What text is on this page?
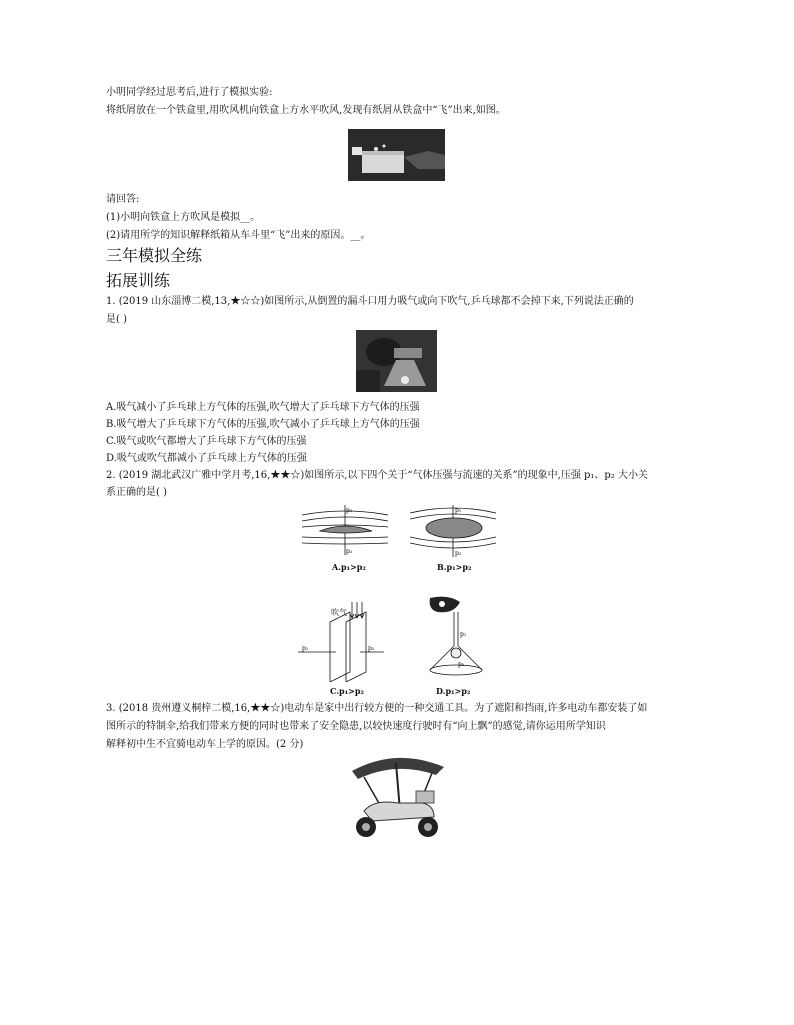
小明同学经过思考后,进行了模拟实验:
将纸屑放在一个铁盒里,用吹风机向铁盒上方水平吹风,发现有纸屑从铁盒中“飞”出来,如图。
请回答:
(1)小明向铁盒上方吹风是模拟__。
(2)请用所学的知识解释纸箱从车斗里“飞”出来的原因。__。
三年模拟全练
拓展训练
1. (2019 山东淄博二模,13,★☆☆)如图所示,从倒置的漏斗口用力吸气或向下吹气,乒乓球都不会掉下来,下列说法正确的
是( )
A.吸气减小了乒乓球上方气体的压强,吹气增大了乒乓球下方气体的压强
B.吸气增大了乒乓球下方气体的压强,吹气减小了乒乓球上方气体的压强
C.吸气或吹气都增大了乒乓球下方气体的压强
D.吸气或吹气都减小了乒乓球上方气体的压强
2. (2019 湖北武汉广雅中学月考,16,★★☆)如图所示,以下四个关于“气体压强与流速的关系”的现象中,压强 p₁、p₂ 大小关
系正确的是( )
p₁
p₂
A.p₁>p₂
p₁
p₂
B.p₁>p₂
吹气
p₁	p₂
C.p₁>p₂
p₁
p₂
D.p₁>p₂
3. (2018 贵州遵义桐梓二模,16,★★☆)电动车是家中出行较方便的一种交通工具。为了遮阳和挡雨,许多电动车都安装了如
图所示的特制伞,给我们带来方便的同时也带来了安全隐患,以较快速度行驶时有“向上飘”的感觉,请你运用所学知识
解释初中生不宜骑电动车上学的原因。(2 分)
